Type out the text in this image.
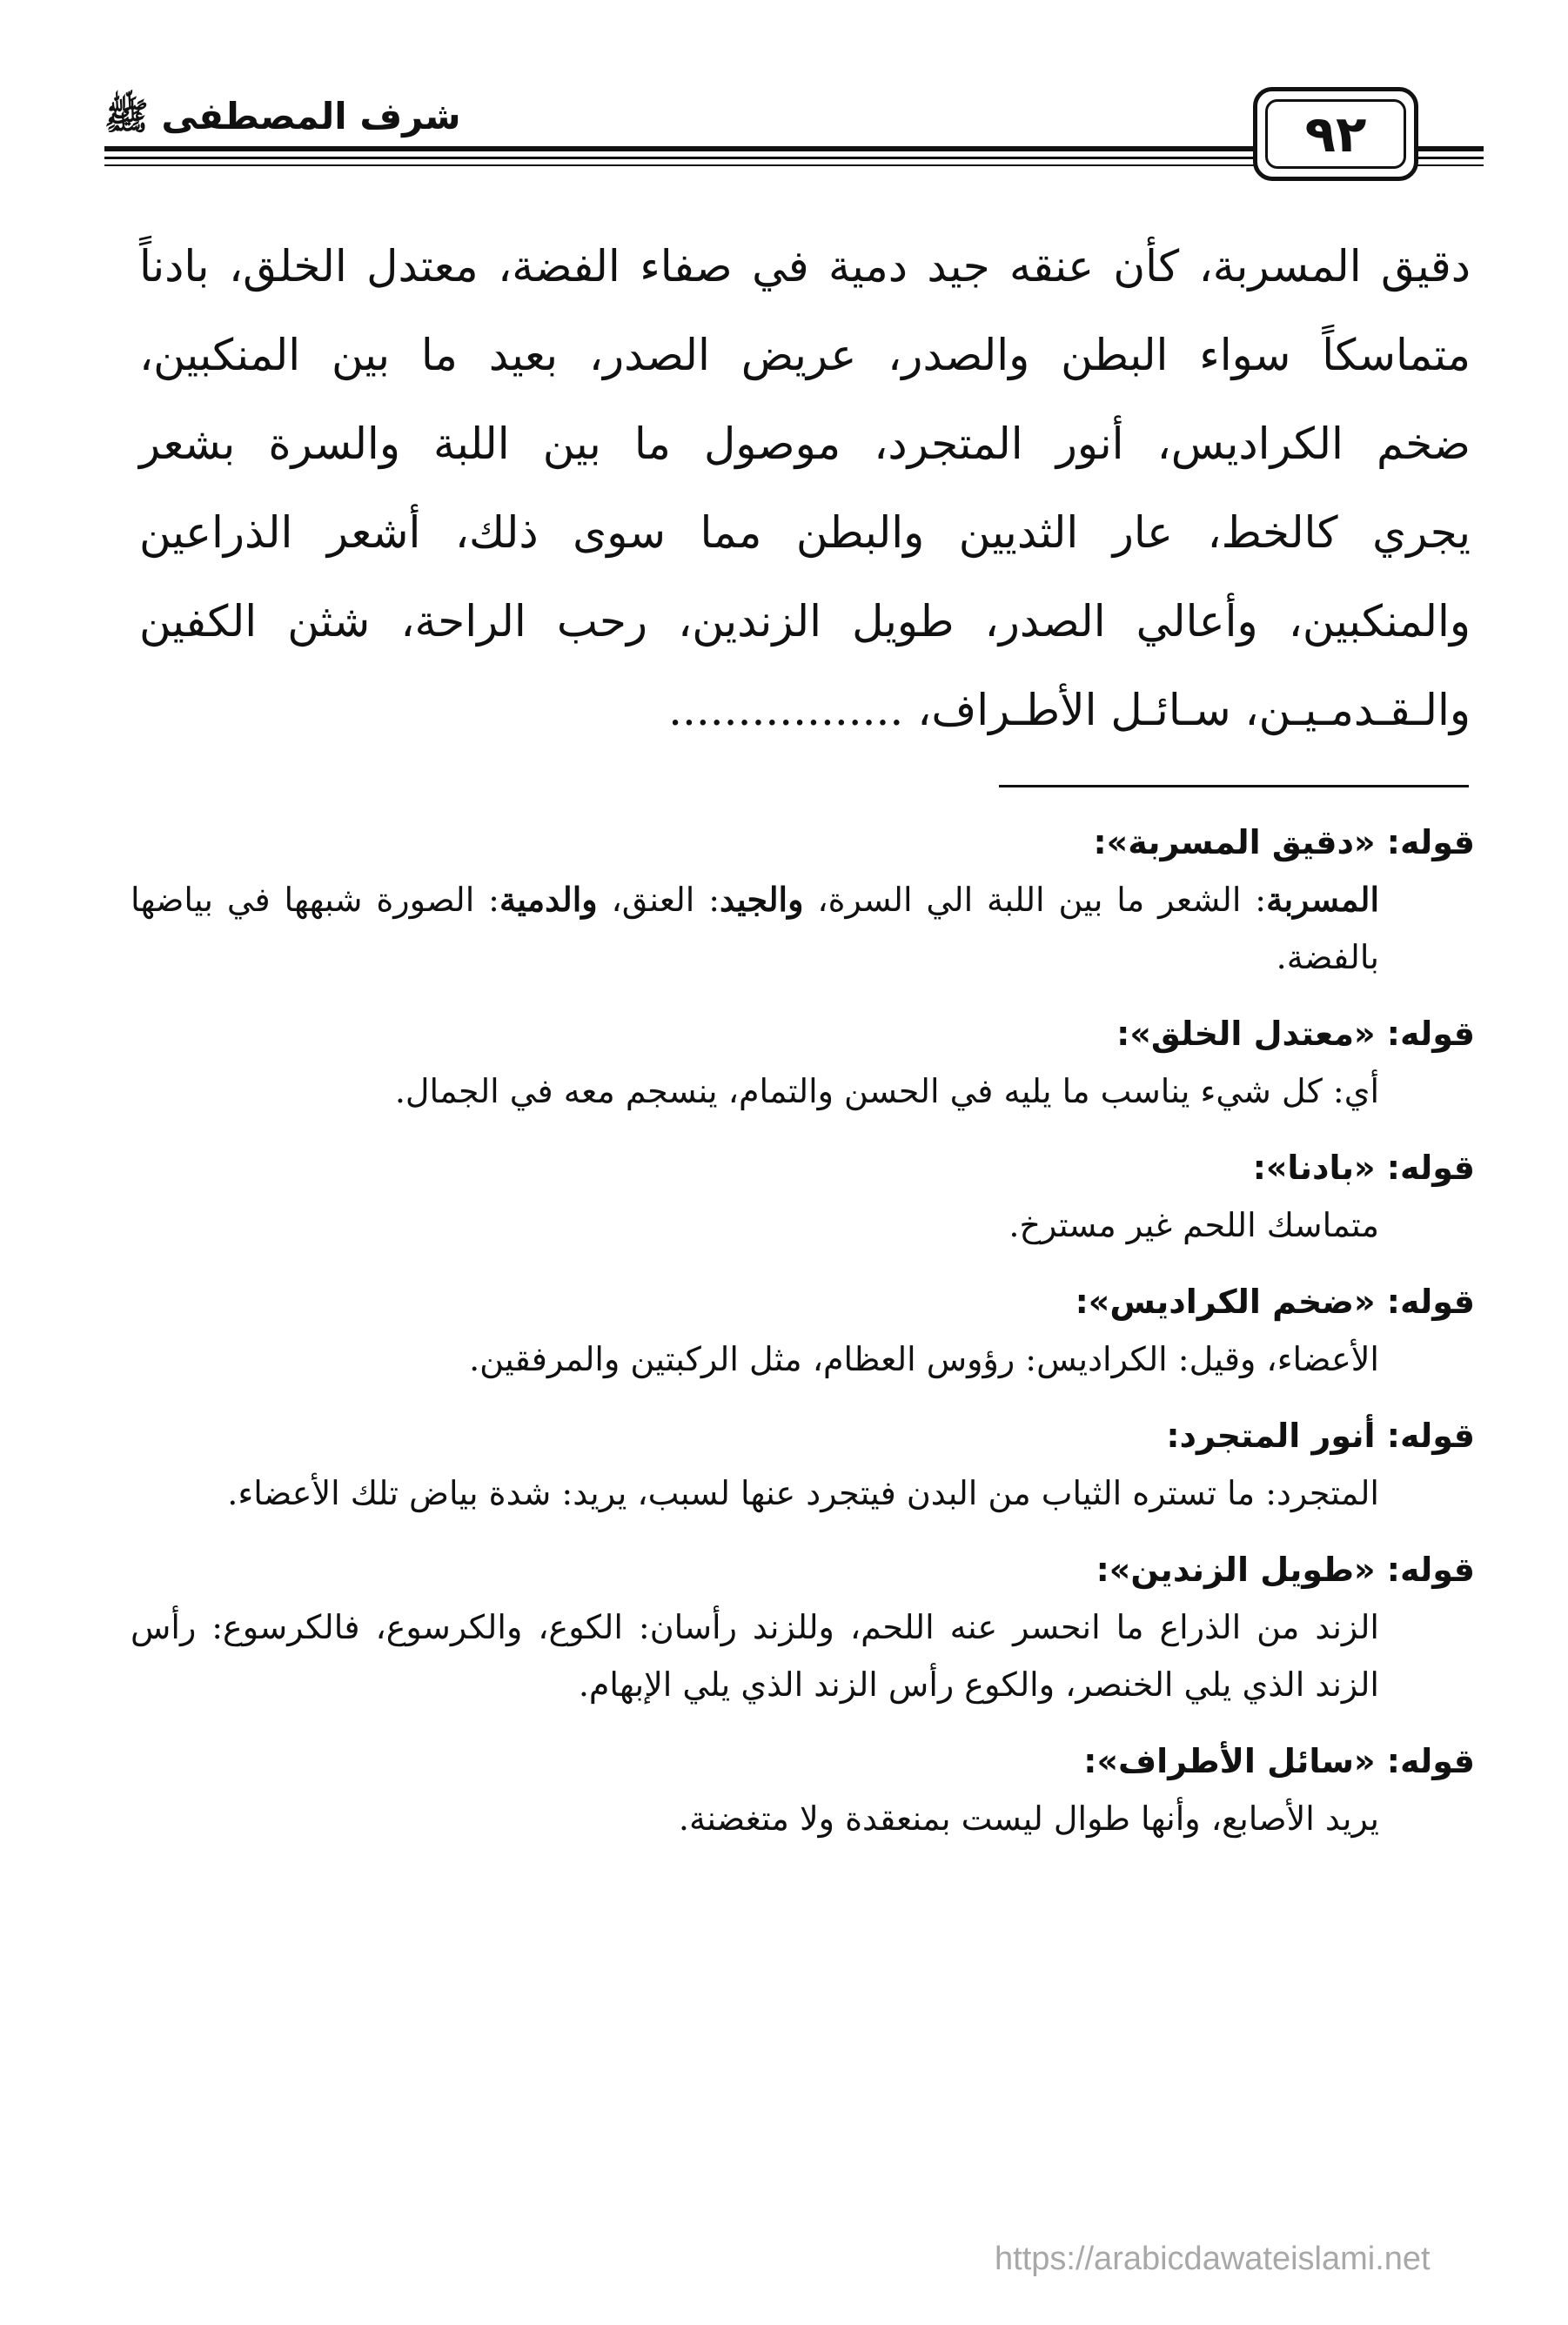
شرف المصطفى ﷺ	٩٢
دقيق المسربة، كأن عنقه جيد دمية في صفاء الفضة، معتدل الخلق، بادناً
متماسكاً سواء البطن والصدر، عريض الصدر، بعيد ما بين المنكبين،
ضخم الكراديس، أنور المتجرد، موصول ما بين اللبة والسرة بشعر
يجري كالخط، عار الثديين والبطن مما سوى ذلك، أشعر الذراعين
والمنكبين، وأعالي الصدر، طويل الزندين، رحب الراحة، شثن الكفين
والـقـدمـيـن، سـائـل الأطـراف، .................
قوله: «دقيق المسربة»:
المسربة: الشعر ما بين اللبة الي السرة، والجيد: العنق، والدمية: الصورة شبهها في بياضها بالفضة.
قوله: «معتدل الخلق»:
أي: كل شيء يناسب ما يليه في الحسن والتمام، ينسجم معه في الجمال.
قوله: «بادنا»:
متماسك اللحم غير مسترخ.
قوله: «ضخم الكراديس»:
الأعضاء، وقيل: الكراديس: رؤوس العظام، مثل الركبتين والمرفقين.
قوله: أنور المتجرد:
المتجرد: ما تستره الثياب من البدن فيتجرد عنها لسبب، يريد: شدة بياض تلك الأعضاء.
قوله: «طويل الزندين»:
الزند من الذراع ما انحسر عنه اللحم، وللزند رأسان: الكوع، والكرسوع، فالكرسوع: رأس الزند الذي يلي الخنصر، والكوع رأس الزند الذي يلي الإبهام.
قوله: «سائل الأطراف»:
يريد الأصابع، وأنها طوال ليست بمنعقدة ولا متغضنة.
https://arabicdawateislami.net
